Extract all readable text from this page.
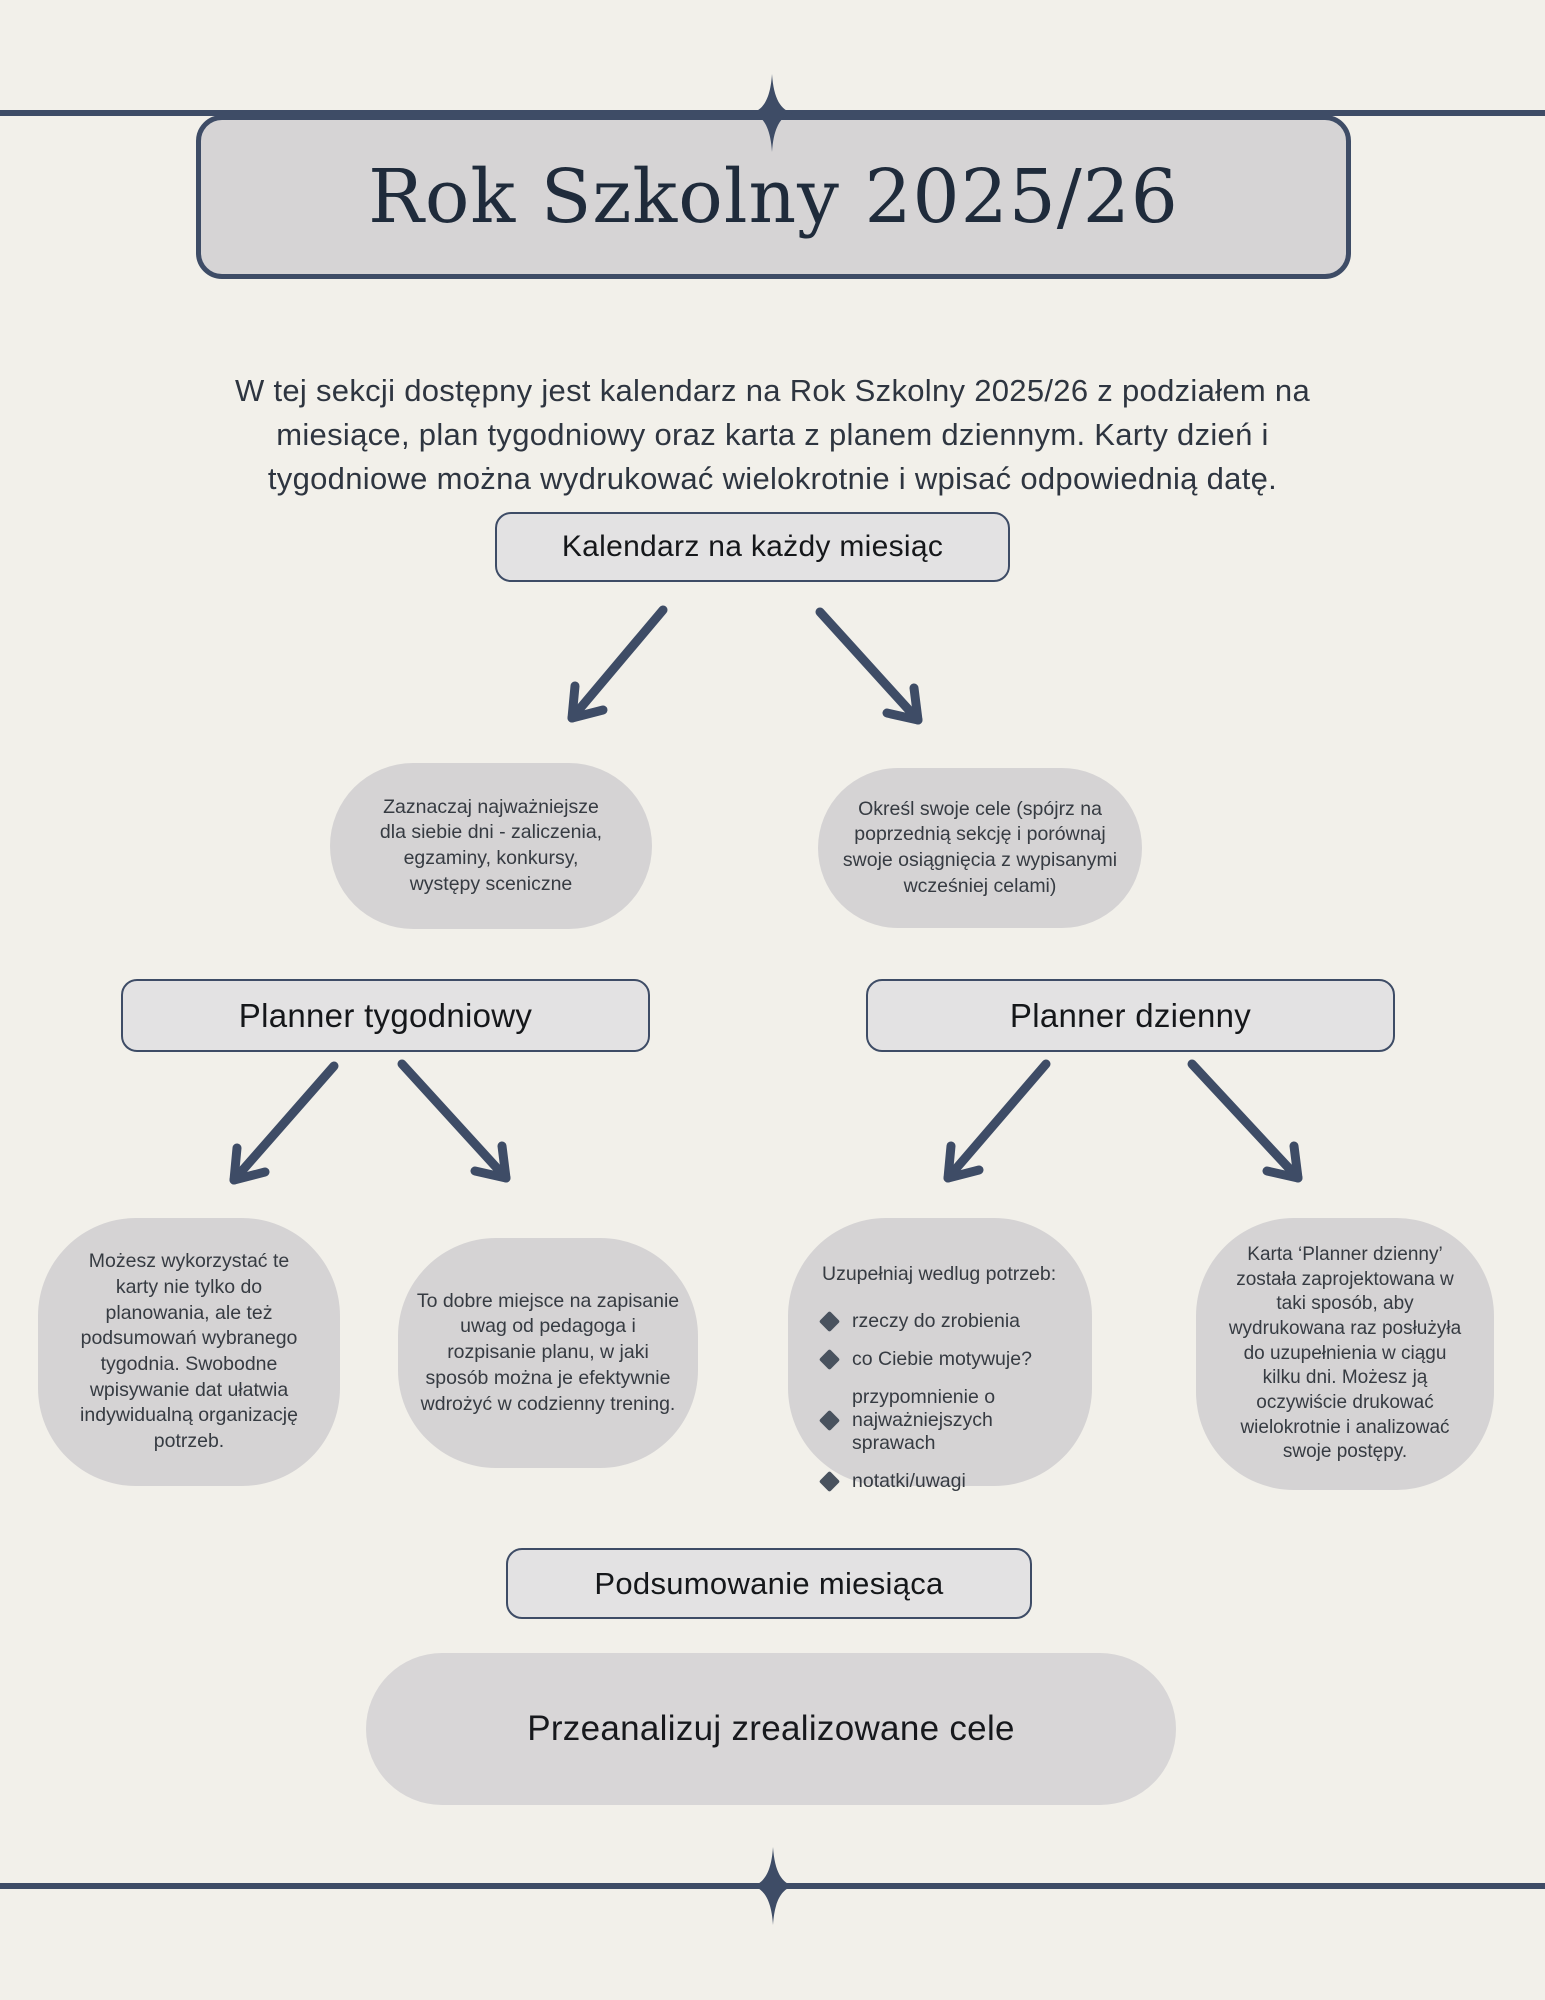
Rok Szkolny 2025/26

W tej sekcji dostępny jest kalendarz na Rok Szkolny 2025/26 z podziałem na miesiące, plan tygodniowy oraz karta z planem dziennym. Karty dzień i tygodniowe można wydrukować wielokrotnie i wpisać odpowiednią datę.

Kalendarz na każdy miesiąc
Zaznaczaj najważniejsze dla siebie dni - zaliczenia, egzaminy, konkursy, występy sceniczne
Określ swoje cele (spójrz na poprzednią sekcję i porównaj swoje osiągnięcia z wypisanymi wcześniej celami)
Planner tygodniowy	Planner dzienny
Możesz wykorzystać te karty nie tylko do planowania, ale też podsumowań wybranego tygodnia. Swobodne wpisywanie dat ułatwia indywidualną organizację potrzeb.
To dobre miejsce na zapisanie uwag od pedagoga i rozpisanie planu, w jaki sposób można je efektywnie wdrożyć w codzienny trening.

Uzupełniaj wedlug potrzeb:

rzeczy do zrobienia
co Ciebie motywuje?
przypomnienie o najważniejszych sprawach
notatki/uwagi
Karta ‘Planner dzienny’ została zaprojektowana w taki sposób, aby wydrukowana raz posłużyła do uzupełnienia w ciągu kilku dni. Możesz ją oczywiście drukować wielokrotnie i analizować swoje postępy.
Podsumowanie miesiąca
Przeanalizuj zrealizowane cele
